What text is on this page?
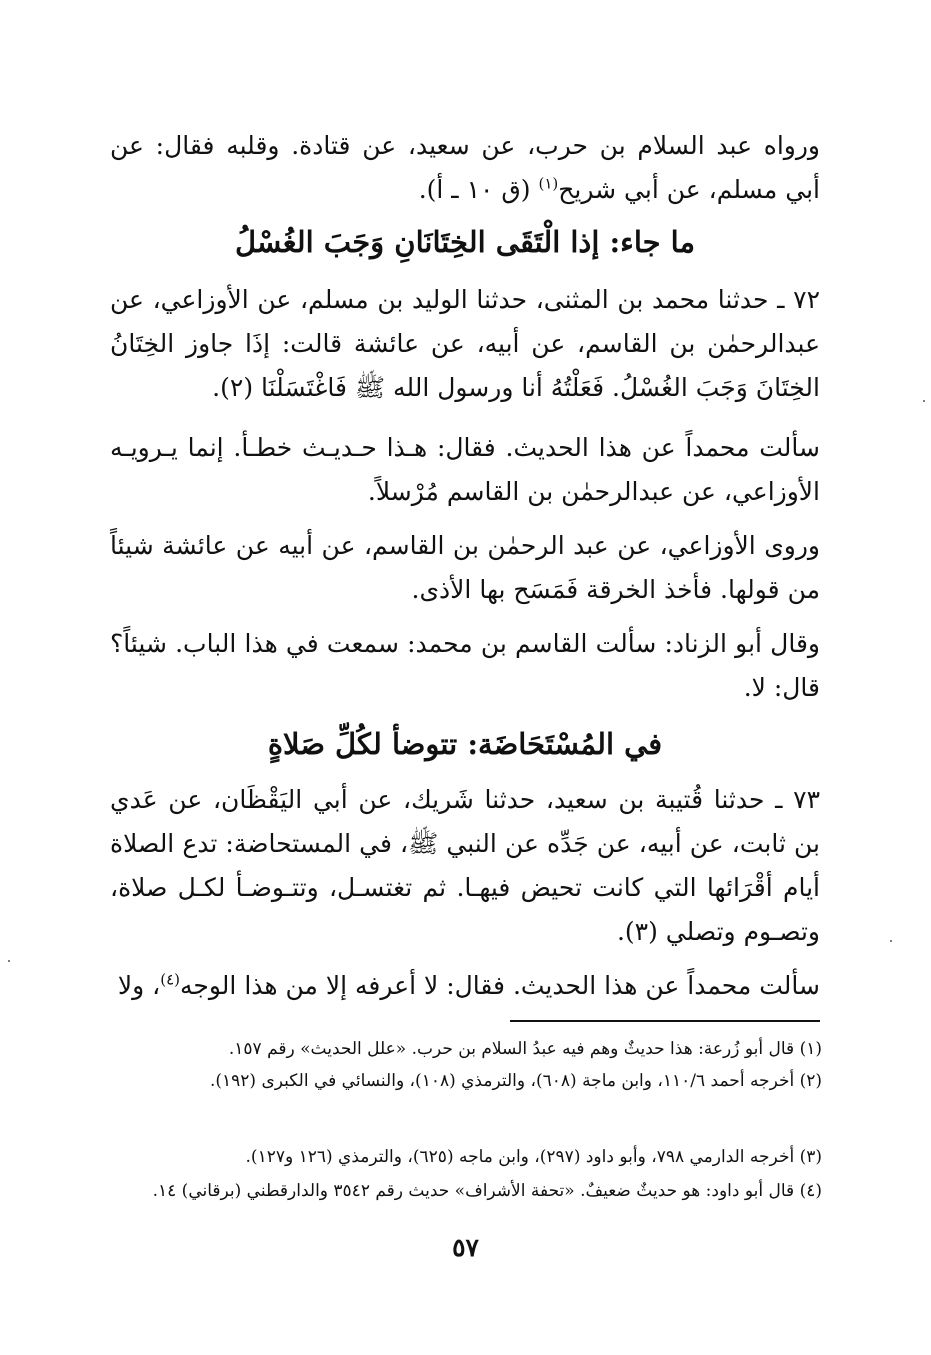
ورواه عبد السلام بن حرب، عن سعيد، عن قتادة. وقلبه فقال: عن أبي مسلم، عن أبي شريح$^{(١)}$ (ق ١٠ ـ أ).

ما جاء: إذا الْتَقَى الخِتَانَانِ وَجَبَ الغُسْلُ

٧٢ ـ حدثنا محمد بن المثنى، حدثنا الوليد بن مسلم، عن الأوزاعي، عن عبدالرحمٰن بن القاسم، عن أبيه، عن عائشة قالت: إذَا جاوز الخِتَانُ الخِتَانَ وَجَبَ الغُسْلُ. فَعَلْتُهُ أنا ورسول الله ﷺ فَاغْتَسَلْنَا (٢).

سألت محمداً عن هذا الحديث. فقال: هـذا حـديـث خطـأ. إنما يـرويـه الأوزاعي، عن عبدالرحمٰن بن القاسم مُرْسلاً.

وروى الأوزاعي، عن عبد الرحمٰن بن القاسم، عن أبيه عن عائشة شيئاً من قولها. فأخذ الخرقة فَمَسَح بها الأذى.

وقال أبو الزناد: سألت القاسم بن محمد: سمعت في هذا الباب. شيئاً؟ قال: لا.

في المُسْتَحَاضَة: تتوضأ لكُلِّ صَلاةٍ

٧٣ ـ حدثنا قُتيبة بن سعيد، حدثنا شَريك، عن أبي اليَقْظَان، عن عَدي بن ثابت، عن أبيه، عن جَدِّه عن النبي ﷺ، في المستحاضة: تدع الصلاة أيام أقْرَائها التي كانت تحيض فيهـا. ثم تغتسـل، وتتـوضـأ لكـل صلاة، وتصـوم وتصلي (٣).

سألت محمداً عن هذا الحديث. فقال: لا أعرفه إلا من هذا الوجه$^{(٤)}$، ولا

(١) قال أبو زُرعة: هذا حديثٌ وهم فيه عبدُ السلام بن حرب. «علل الحديث» رقم ١٥٧.

(٢) أخرجه أحمد ١١٠/٦، وابن ماجة (٦٠٨)، والترمذي (١٠٨)، والنسائي في الكبرى (١٩٢).

(٣) أخرجه الدارمي ٧٩٨، وأبو داود (٢٩٧)، وابن ماجه (٦٢٥)، والترمذي (١٢٦ و١٢٧).

(٤) قال أبو داود: هو حديثٌ ضعيفٌ. «تحفة الأشراف» حديث رقم ٣٥٤٢ والدارقطني (برقاني) ١٤.

٥٧
